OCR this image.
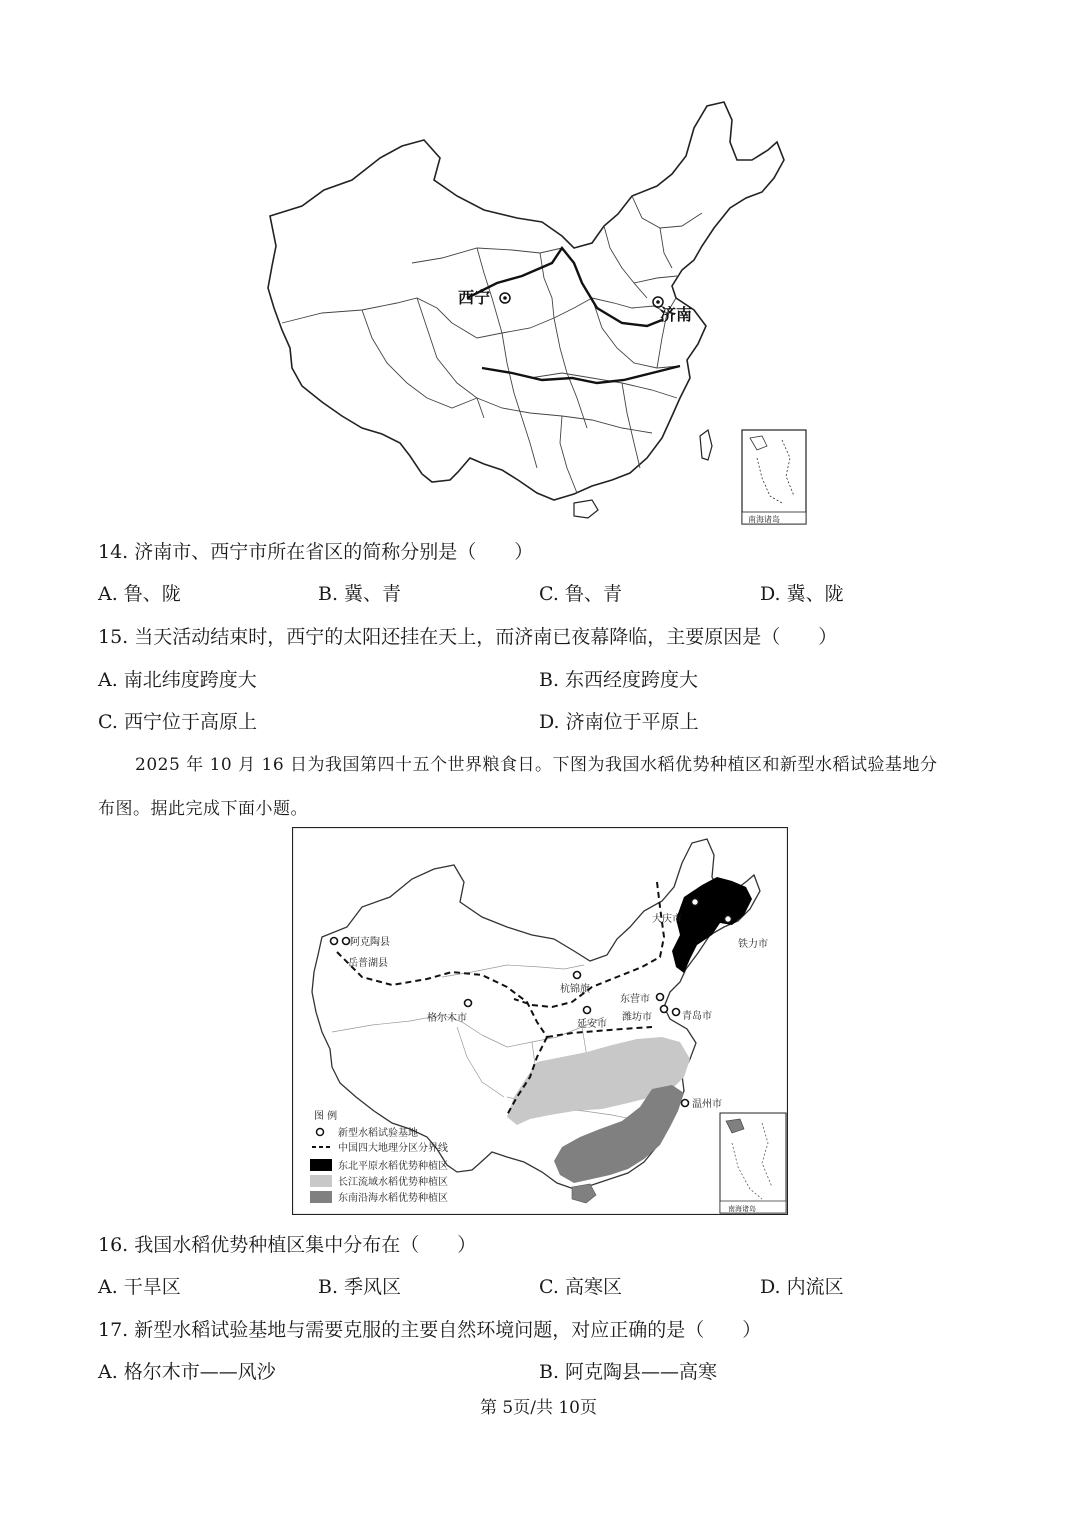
西宁
济南
南海诸岛
14. 济南市、西宁市所在省区的简称分别是（　　）
A. 鲁、陇	B. 冀、青	C. 鲁、青	D. 冀、陇
15. 当天活动结束时，西宁的太阳还挂在天上，而济南已夜幕降临，主要原因是（　　）
A. 南北纬度跨度大	B. 东西经度跨度大
C. 西宁位于高原上	D. 济南位于平原上
2025 年 10 月 16 日为我国第四十五个世界粮食日。下图为我国水稻优势种植区和新型水稻试验基地分
布图。据此完成下面小题。
大庆市
铁力市
阿克陶县
岳普湖县
杭锦旗
东营市
潍坊市	青岛市
延安市
格尔木市
温州市
图 例
新型水稻试验基地
中国四大地理分区分界线
东北平原水稻优势种植区
长江流域水稻优势种植区
东南沿海水稻优势种植区
南海诸岛
16. 我国水稻优势种植区集中分布在（　　）
A. 干旱区	B. 季风区	C. 高寒区	D. 内流区
17. 新型水稻试验基地与需要克服的主要自然环境问题，对应正确的是（　　）
A. 格尔木市——风沙	B. 阿克陶县——高寒
第 5页/共 10页
